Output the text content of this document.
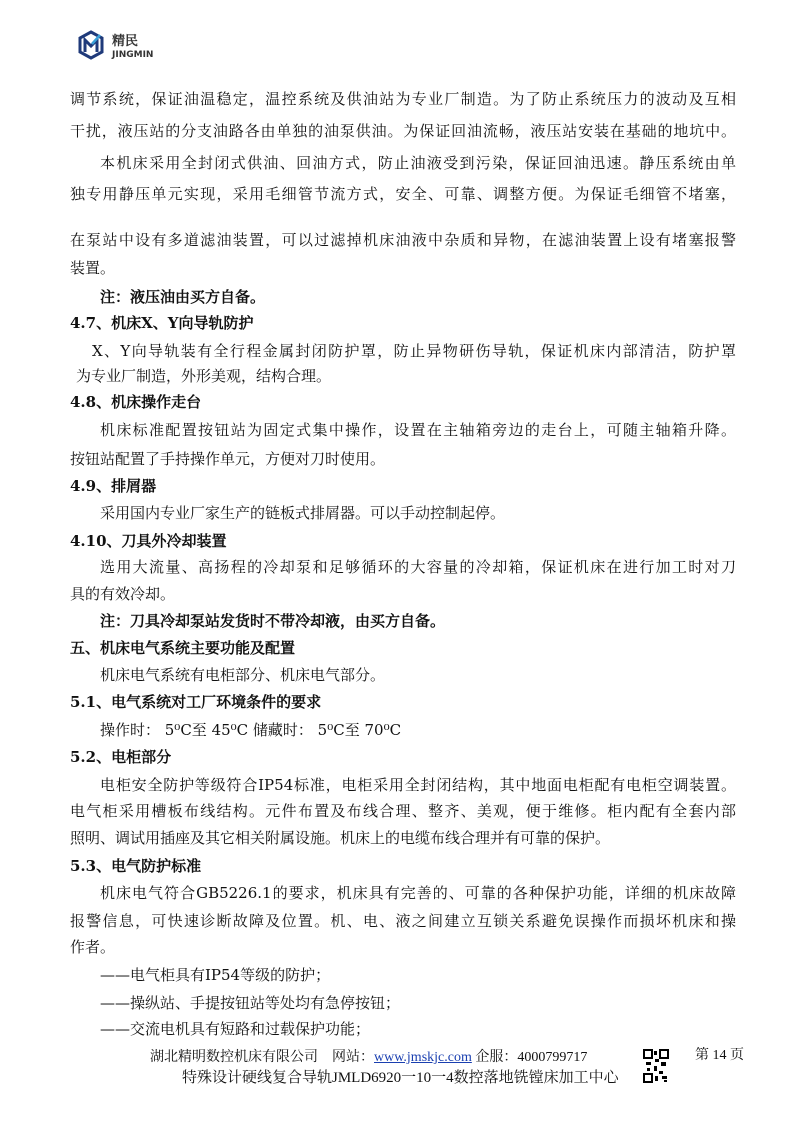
精民
JINGMIN
调节系统，保证油温稳定，温控系统及供油站为专业厂制造。为了防止系统压力的波动及互相
干扰，液压站的分支油路各由单独的油泵供油。为保证回油流畅，液压站安装在基础的地坑中。
本机床采用全封闭式供油、回油方式，防止油液受到污染，保证回油迅速。静压系统由单
独专用静压单元实现，采用毛细管节流方式，安全、可靠、调整方便。为保证毛细管不堵塞，
在泵站中设有多道滤油装置，可以过滤掉机床油液中杂质和异物，在滤油装置上设有堵塞报警
装置。
注：液压油由买方自备。
4.7、机床X、Y向导轨防护
X、Y向导轨装有全行程金属封闭防护罩，防止异物研伤导轨，保证机床内部清洁，防护罩
为专业厂制造，外形美观，结构合理。
4.8、机床操作走台
机床标准配置按钮站为固定式集中操作，设置在主轴箱旁边的走台上，可随主轴箱升降。
按钮站配置了手持操作单元，方便对刀时使用。
4.9、排屑器
采用国内专业厂家生产的链板式排屑器。可以手动控制起停。
4.10、刀具外冷却装置
选用大流量、高扬程的冷却泵和足够循环的大容量的冷却箱，保证机床在进行加工时对刀
具的有效冷却。
注：刀具冷却泵站发货时不带冷却液，由买方自备。
五、机床电气系统主要功能及配置
机床电气系统有电柜部分、机床电气部分。
5.1、电气系统对工厂环境条件的要求
操作时： 5⁰C至 45⁰C 储藏时： 5⁰C至 70⁰C
5.2、电柜部分
电柜安全防护等级符合IP54标准，电柜采用全封闭结构，其中地面电柜配有电柜空调装置。
电气柜采用槽板布线结构。元件布置及布线合理、整齐、美观，便于维修。柜内配有全套内部
照明、调试用插座及其它相关附属设施。机床上的电缆布线合理并有可靠的保护。
5.3、电气防护标准
机床电气符合GB5226.1的要求，机床具有完善的、可靠的各种保护功能，详细的机床故障
报警信息，可快速诊断故障及位置。机、电、液之间建立互锁关系避免误操作而损坏机床和操
作者。
——电气柜具有IP54等级的防护；
——操纵站、手提按钮站等处均有急停按钮；
——交流电机具有短路和过载保护功能；
湖北精明数控机床有限公司 网站：www.jmskjc.com 企服：4000799717	第 14 页
特殊设计硬线复合导轨JMLD6920一10一4数控落地铣镗床加工中心
